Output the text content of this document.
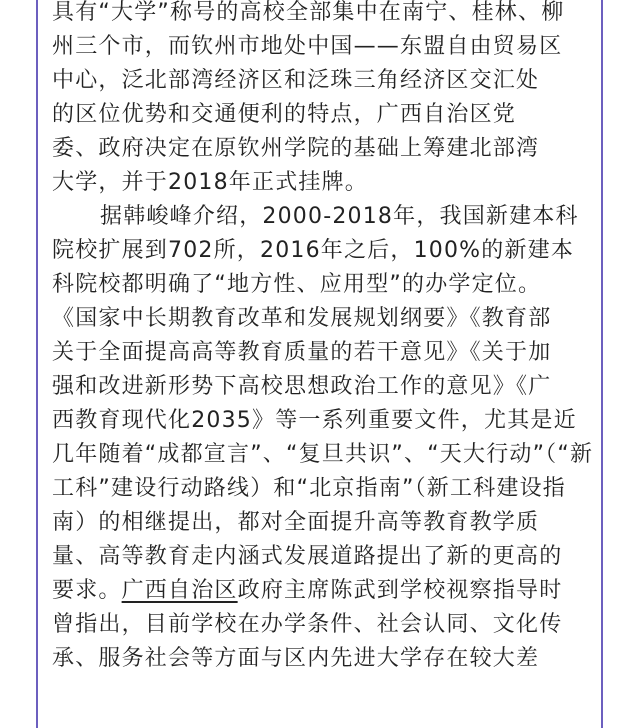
具有“大学”称号的高校全部集中在南宁、桂林、柳
州三个市，而钦州市地处中国——东盟自由贸易区
中心，泛北部湾经济区和泛珠三角经济区交汇处
的区位优势和交通便利的特点，广西自治区党
委、政府决定在原钦州学院的基础上筹建北部湾
大学，并于2018年正式挂牌。
据韩峻峰介绍，2000-2018年，我国新建本科
院校扩展到702所，2016年之后，100%的新建本
科院校都明确了“地方性、应用型”的办学定位。
《国家中长期教育改革和发展规划纲要》《教育部
关于全面提高高等教育质量的若干意见》《关于加
强和改进新形势下高校思想政治工作的意见》《广
西教育现代化2035》等一系列重要文件，尤其是近
几年随着“成都宣言”、“复旦共识”、“天大行动”（“新
工科”建设行动路线）和“北京指南”（新工科建设指
南）的相继提出，都对全面提升高等教育教学质
量、高等教育走内涵式发展道路提出了新的更高的
要求。广西自治区政府主席陈武到学校视察指导时
曾指出，目前学校在办学条件、社会认同、文化传
承、服务社会等方面与区内先进大学存在较大差
